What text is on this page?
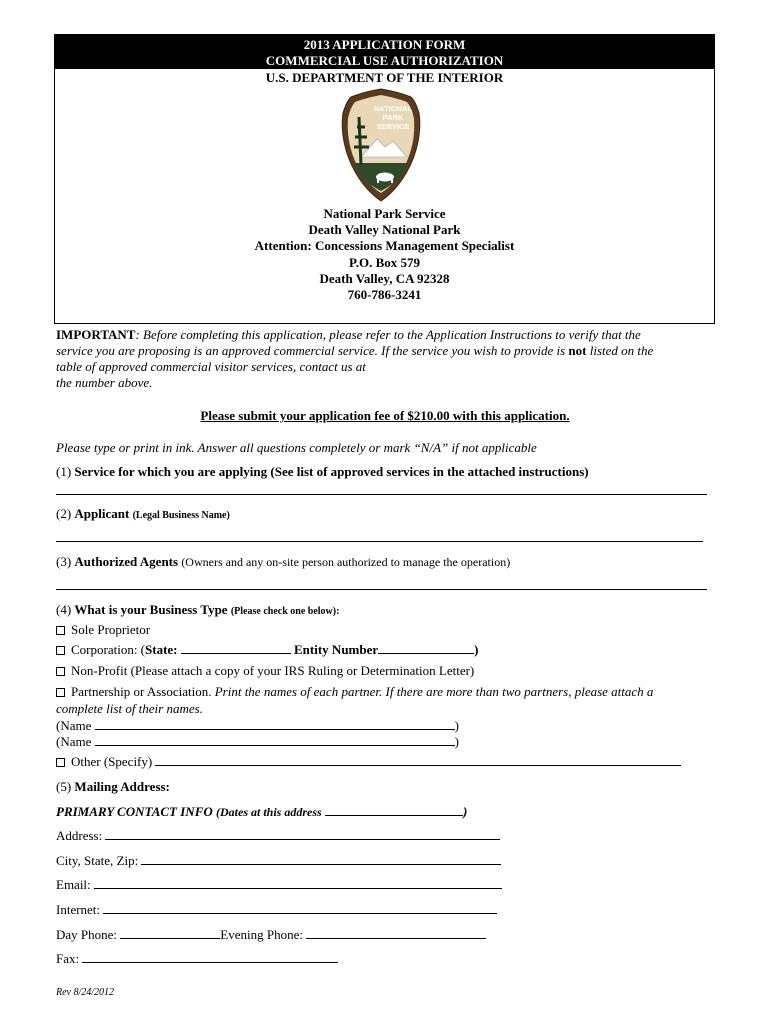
2013 APPLICATION FORM
COMMERCIAL USE AUTHORIZATION
U.S. DEPARTMENT OF THE INTERIOR
NATIONAL
PARK
SERVICE
National Park Service
Death Valley National Park
Attention: Concessions Management Specialist
P.O. Box 579
Death Valley, CA 92328
760-786-3241
IMPORTANT: Before completing this application, please refer to the Application Instructions to verify that the
service you are proposing is an approved commercial service. If the service you wish to provide is not listed on the
table of approved commercial visitor services, contact us at
the number above.
Please submit your application fee of $210.00 with this application.
Please type or print in ink. Answer all questions completely or mark “N/A” if not applicable
(1) Service for which you are applying (See list of approved services in the attached instructions)
(2) Applicant (Legal Business Name)
(3) Authorized Agents (Owners and any on-site person authorized to manage the operation)
(4) What is your Business Type (Please check one below):
Sole Proprietor
Corporation: (State:	Entity Number	)
Non-Profit (Please attach a copy of your IRS Ruling or Determination Letter)
Partnership or Association. Print the names of each partner. If there are more than two partners, please attach a
complete list of their names.
(Name	)
(Name	)
Other (Specify)
(5) Mailing Address:
PRIMARY CONTACT INFO (Dates at this address	)
Address:
City, State, Zip:
Email:
Internet:
Day Phone:	Evening Phone:
Fax:
Rev 8/24/2012
